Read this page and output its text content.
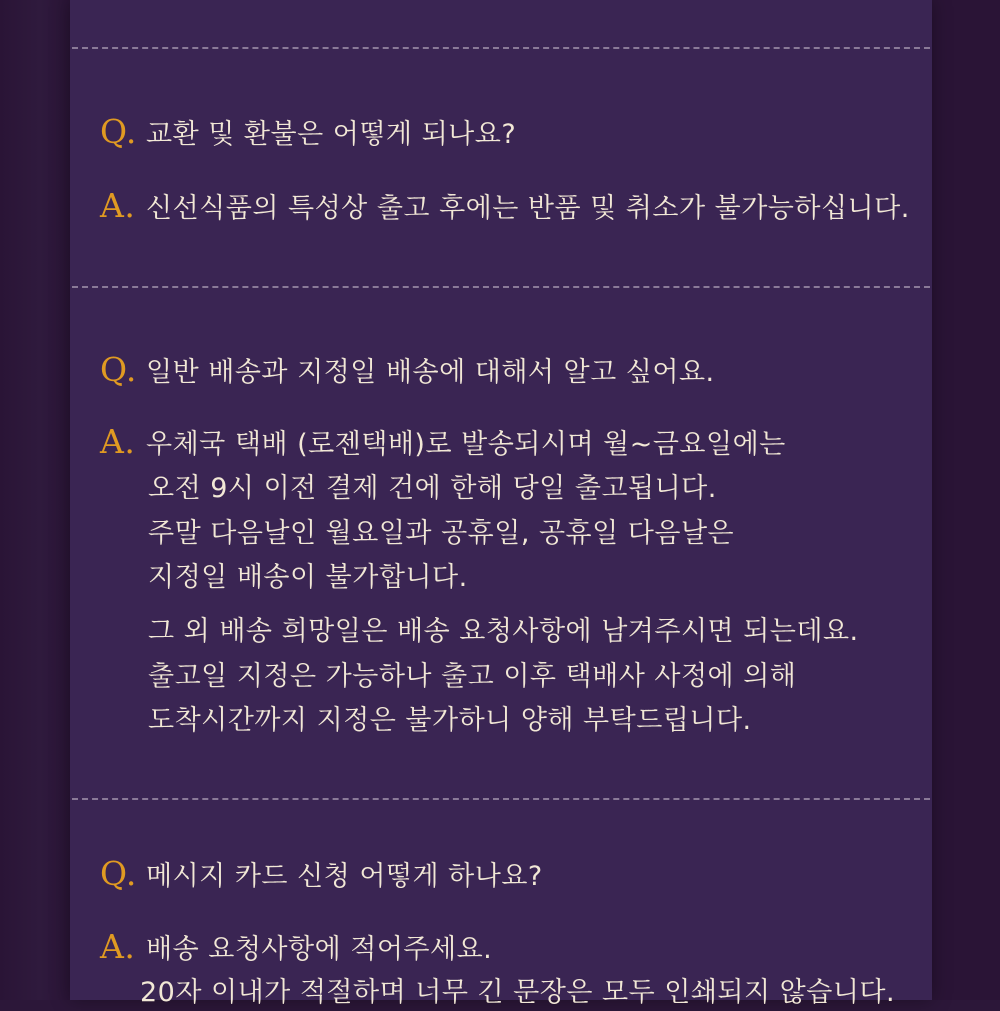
Q. 교환 및 환불은 어떻게 되나요?
A. 신선식품의 특성상 출고 후에는 반품 및 취소가 불가능하십니다.
Q. 일반 배송과 지정일 배송에 대해서 알고 싶어요.
A. 우체국 택배 (로젠택배)로 발송되시며 월~금요일에는
오전 9시 이전 결제 건에 한해 당일 출고됩니다.
주말 다음날인 월요일과 공휴일, 공휴일 다음날은
지정일 배송이 불가합니다.
그 외 배송 희망일은 배송 요청사항에 남겨주시면 되는데요.
출고일 지정은 가능하나 출고 이후 택배사 사정에 의해
도착시간까지 지정은 불가하니 양해 부탁드립니다.
Q. 메시지 카드 신청 어떻게 하나요?
A. 배송 요청사항에 적어주세요.
20자 이내가 적절하며 너무 긴 문장은 모두 인쇄되지 않습니다.
